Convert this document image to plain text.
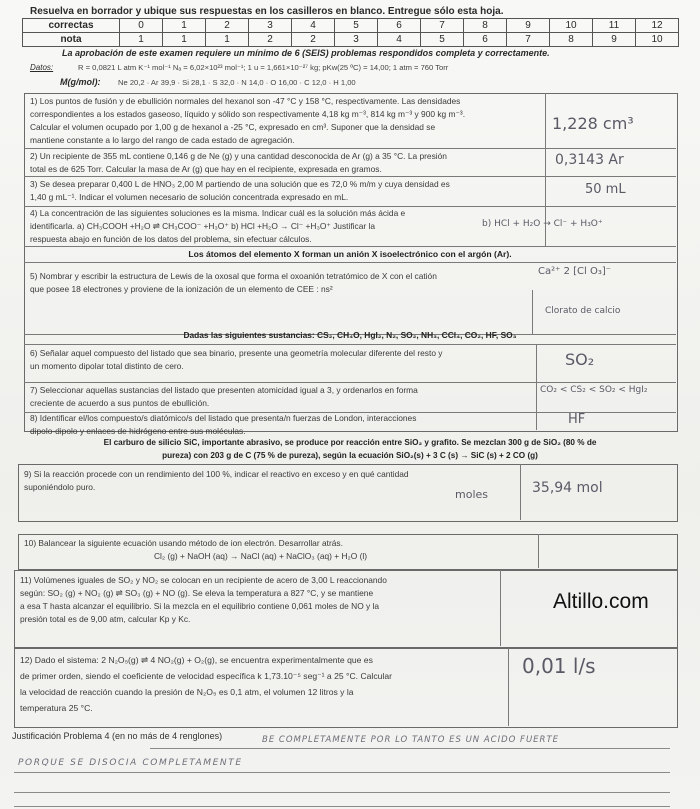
Resuelva en borrador y ubique sus respuestas en los casilleros en blanco. Entregue sólo esta hoja.
correctas	0	1	2	3	4	5	6	7	8	9	10	11	12
nota	1	1	1	2	2	3	4	5	6	7	8	9	10
La aprobación de este examen requiere un mínimo de 6 (SEIS) problemas respondidos completa y correctamente.
Datos:	R = 0,0821 L atm K⁻¹ mol⁻¹ Nₐ = 6,02×10²³ mol⁻¹; 1 u = 1,661×10⁻²⁷ kg; pKw(25 ºC) = 14,00; 1 atm = 760 Torr
M(g/mol): Ne 20,2 · Ar 39,9 · Si 28,1 · S 32,0 · N 14,0 · O 16,00 · C 12,0 · H 1,00
1) Los puntos de fusión y de ebullición normales del hexanol son -47 °C y 158 °C, respectivamente. Las densidades
correspondientes a los estados gaseoso, líquido y sólido son respectivamente 4,18 kg m⁻³, 814 kg m⁻³ y 900 kg m⁻³.
Calcular el volumen ocupado por 1,00 g de hexanol a -25 °C, expresado en cm³. Suponer que la densidad se
mantiene constante a lo largo del rango de cada estado de agregación.
1,228 cm³
2) Un recipiente de 355 mL contiene 0,146 g de Ne (g) y una cantidad desconocida de Ar (g) a 35 °C. La presión
total es de 625 Torr. Calcular la masa de Ar (g) que hay en el recipiente, expresada en gramos.
0,3143 Ar
3) Se desea preparar 0,400 L de HNO₃ 2,00 M partiendo de una solución que es 72,0 % m/m y cuya densidad es
1,40 g mL⁻¹. Indicar el volumen necesario de solución concentrada expresado en mL.	50 mL
4) La concentración de las siguientes soluciones es la misma. Indicar cuál es la solución más ácida e
identificarla. a) CH₃COOH +H₂O ⇌ CH₃COO⁻ +H₃O⁺ b) HCl +H₂O → Cl⁻ +H₃O⁺ Justificar la
respuesta abajo en función de los datos del problema, sin efectuar cálculos.
b) HCl + H₂O → Cl⁻ + H₃O⁺
Los átomos del elemento X forman un anión X isoelectrónico con el argón (Ar).
5) Nombrar y escribir la estructura de Lewis de la oxosal que forma el oxoanión tetratómico de X con el catión
que posee 18 electrones y proviene de la ionización de un elemento de CEE : ns²
Ca²⁺ 2 [Cl O₃]⁻
Clorato de calcio
Dadas las siguientes sustancias: CS₂, CH₄O, HgI₂, N₂, SO₂, NH₃, CCl₄, CO₂, HF, SO₃
6) Señalar aquel compuesto del listado que sea binario, presente una geometría molecular diferente del resto y
un momento dipolar total distinto de cero.	SO₂
7) Seleccionar aquellas sustancias del listado que presenten atomicidad igual a 3, y ordenarlos en forma
creciente de acuerdo a sus puntos de ebullición.
CO₂ < CS₂ < SO₂ < HgI₂
8) Identificar el/los compuesto/s diatómico/s del listado que presenta/n fuerzas de London, interacciones
dipolo-dipolo y enlaces de hidrógeno entre sus moléculas.
HF
El carburo de silicio SiC, importante abrasivo, se produce por reacción entre SiO₂ y grafito. Se mezclan 300 g de SiO₂ (80 % de
pureza) con 203 g de C (75 % de pureza), según la ecuación SiO₂(s) + 3 C (s) → SiC (s) + 2 CO (g)
9) Si la reacción procede con un rendimiento del 100 %, indicar el reactivo en exceso y en qué cantidad
suponiéndolo puro.
moles	35,94 mol
10) Balancear la siguiente ecuación usando método de ion electrón. Desarrollar atrás.
Cl₂ (g) + NaOH (aq) → NaCl (aq) + NaClO₃ (aq) + H₂O (l)
11) Volúmenes iguales de SO₂ y NO₂ se colocan en un recipiente de acero de 3,00 L reaccionando
según: SO₂ (g) + NO₂ (g) ⇌ SO₃ (g) + NO (g). Se eleva la temperatura a 827 °C, y se mantiene
a esa T hasta alcanzar el equilibrio. Si la mezcla en el equilibrio contiene 0,061 moles de NO y la
presión total es de 9,00 atm, calcular Kp y Kc.
Altillo.com
12) Dado el sistema: 2 N₂O₅(g) ⇌ 4 NO₂(g) + O₂(g), se encuentra experimentalmente que es
de primer orden, siendo el coeficiente de velocidad específica k 1,73.10⁻⁵ seg⁻¹ a 25 °C. Calcular
la velocidad de reacción cuando la presión de N₂O₅ es 0,1 atm, el volumen 12 litros y la
temperatura 25 °C.
0,01 l/s
Justificación Problema 4 (en no más de 4 renglones)	BE COMPLETAMENTE POR LO TANTO ES UN ACIDO FUERTE
PORQUE SE DISOCIA COMPLETAMENTE
